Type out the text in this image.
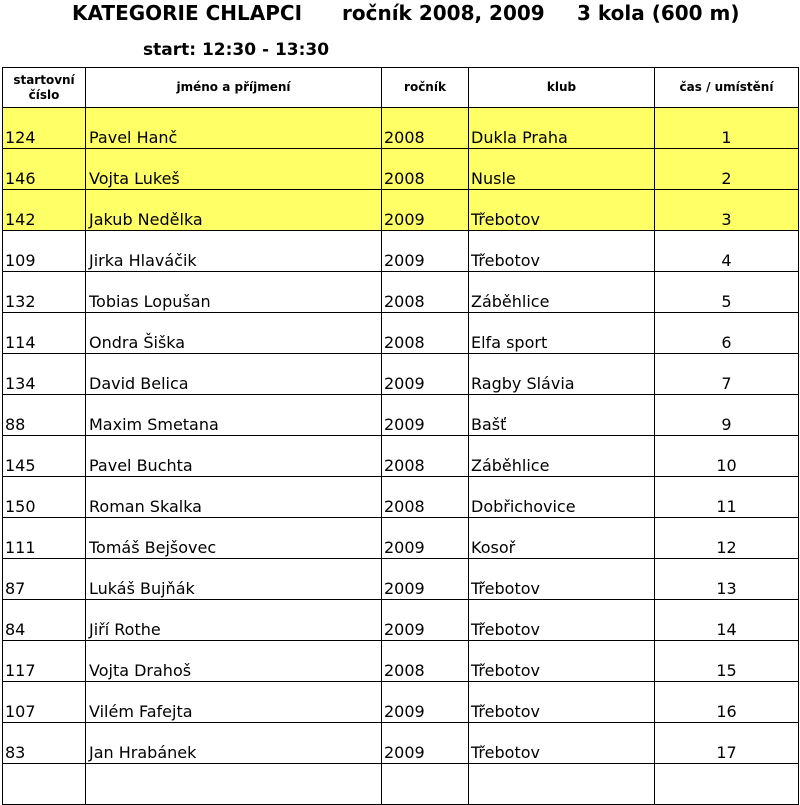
KATEGORIE CHLAPCI ročník 2008, 2009 3 kola (600 m)
start: 12:30 - 13:30
startovní
číslo	jméno a příjmení	ročník	klub	čas / umístění
124	Pavel Hanč	2008	Dukla Praha	1
146	Vojta Lukeš	2008	Nusle	2
142	Jakub Nedělka	2009	Třebotov	3
109	Jirka Hlaváčik	2009	Třebotov	4
132	Tobias Lopušan	2008	Záběhlice	5
114	Ondra Šiška	2008	Elfa sport	6
134	David Belica	2009	Ragby Slávia	7
88	Maxim Smetana	2009	Bašť	9
145	Pavel Buchta	2008	Záběhlice	10
150	Roman Skalka	2008	Dobřichovice	11
111	Tomáš Bejšovec	2009	Kosoř	12
87	Lukáš Bujňák	2009	Třebotov	13
84	Jiří Rothe	2009	Třebotov	14
117	Vojta Drahoš	2008	Třebotov	15
107	Vilém Fafejta	2009	Třebotov	16
83	Jan Hrabánek	2009	Třebotov	17
